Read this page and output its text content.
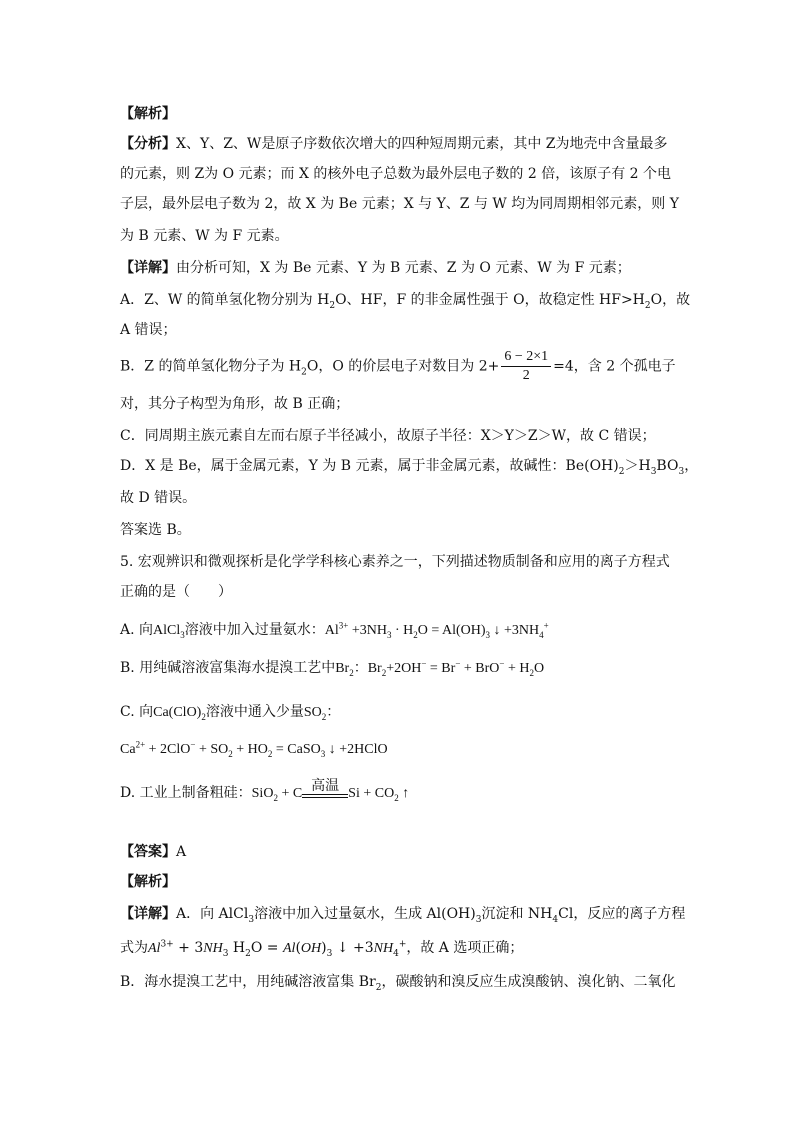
【解析】
【分析】X、Y、Z、W是原子序数依次增大的四种短周期元素，其中 Z为地壳中含量最多
的元素，则 Z为 O 元素；而 X 的核外电子总数为最外层电子数的 2 倍，该原子有 2 个电
子层，最外层电子数为 2，故 X 为 Be 元素；X 与 Y、Z 与 W 均为同周期相邻元素，则 Y
为 B 元素、W 为 F 元素。
【详解】由分析可知，X 为 Be 元素、Y 为 B 元素、Z 为 O 元素、W 为 F 元素；
A．Z、W 的简单氢化物分别为 $H_2O$、HF，F 的非金属性强于 O，故稳定性 $HF>H_2O$，故
A 错误；
B．Z 的简单氢化物分子为 $H_2O$，O 的价层电子对数目为 $2+ \frac{6 - 2\times 1}{2} =4$，含 2 个孤电子
对，其分子构型为角形，故 B 正确；
C．同周期主族元素自左而右原子半径减小，故原子半径：X＞Y＞Z＞W，故 C 错误；
D．X 是 Be，属于金属元素，Y 为 B 元素，属于非金属元素，故碱性：$Be(OH)_2>H_3BO_3$，
故 D 错误。
答案选 B。
5. 宏观辨识和微观探析是化学学科核心素养之一，下列描述物质制备和应用的离子方程式
正确的是（　　）
A. 向AlCl$_3$溶液中加入过量氨水：$Al^{3+} +3NH_3 \cdot H_2O = Al(OH)_3$ ↓ $+3NH_4^+$
B. 用纯碱溶液富集海水提溴工艺中$Br_2$：$Br_2+2OH^- = Br^- + BrO^- + H_2O$
C. 向$Ca(ClO)_2$溶液中通入少量$SO_2$：
$Ca^{2+} + 2ClO^- + SO_2 + HO_2$ = CaSO$_3$ ↓ +2HClO
D. 工业上制备粗硅：SiO$_2$ + C 高温 $Si + CO_2$ ↑
【答案】A
【解析】
【详解】A．向 AlCl$_3$溶液中加入过量氨水，生成 $Al(OH)_3$沉淀和 $NH_4Cl$，反应的离子方程
式为$Al^{3+} + 3NH_3$ $H_2O = Al(OH)_3$ ↓ $+3NH_4^+$，故 A 选项正确；
B．海水提溴工艺中，用纯碱溶液富集 $Br_2$，碳酸钠和溴反应生成溴酸钠、溴化钠、二氧化
